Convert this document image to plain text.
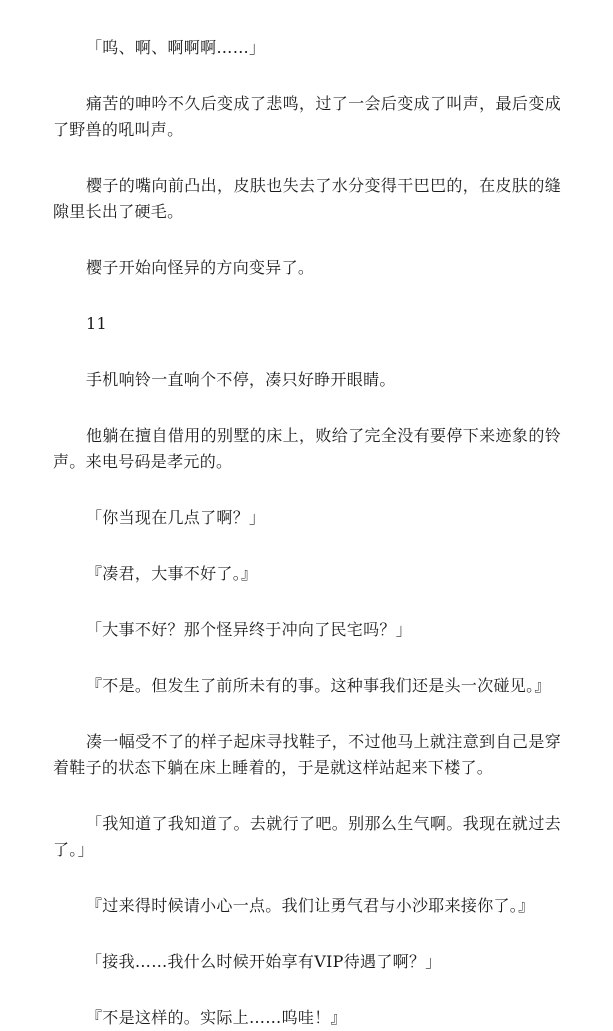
「呜、啊、啊啊啊……」

痛苦的呻吟不久后变成了悲鸣，过了一会后变成了叫声，最后变成了野兽的吼叫声。

樱子的嘴向前凸出，皮肤也失去了水分变得干巴巴的，在皮肤的缝隙里长出了硬毛。

樱子开始向怪异的方向变异了。

11

手机响铃一直响个不停，凑只好睁开眼睛。

他躺在擅自借用的别墅的床上，败给了完全没有要停下来迹象的铃声。来电号码是孝元的。

「你当现在几点了啊？」

『凑君，大事不好了。』

「大事不好？那个怪异终于冲向了民宅吗？」

『不是。但发生了前所未有的事。这种事我们还是头一次碰见。』

凑一幅受不了的样子起床寻找鞋子，不过他马上就注意到自己是穿着鞋子的状态下躺在床上睡着的，于是就这样站起来下楼了。

「我知道了我知道了。去就行了吧。别那么生气啊。我现在就过去了。」

『过来得时候请小心一点。我们让勇气君与小沙耶来接你了。』

「接我……我什么时候开始享有VIP待遇了啊？」

『不是这样的。实际上……呜哇！』
